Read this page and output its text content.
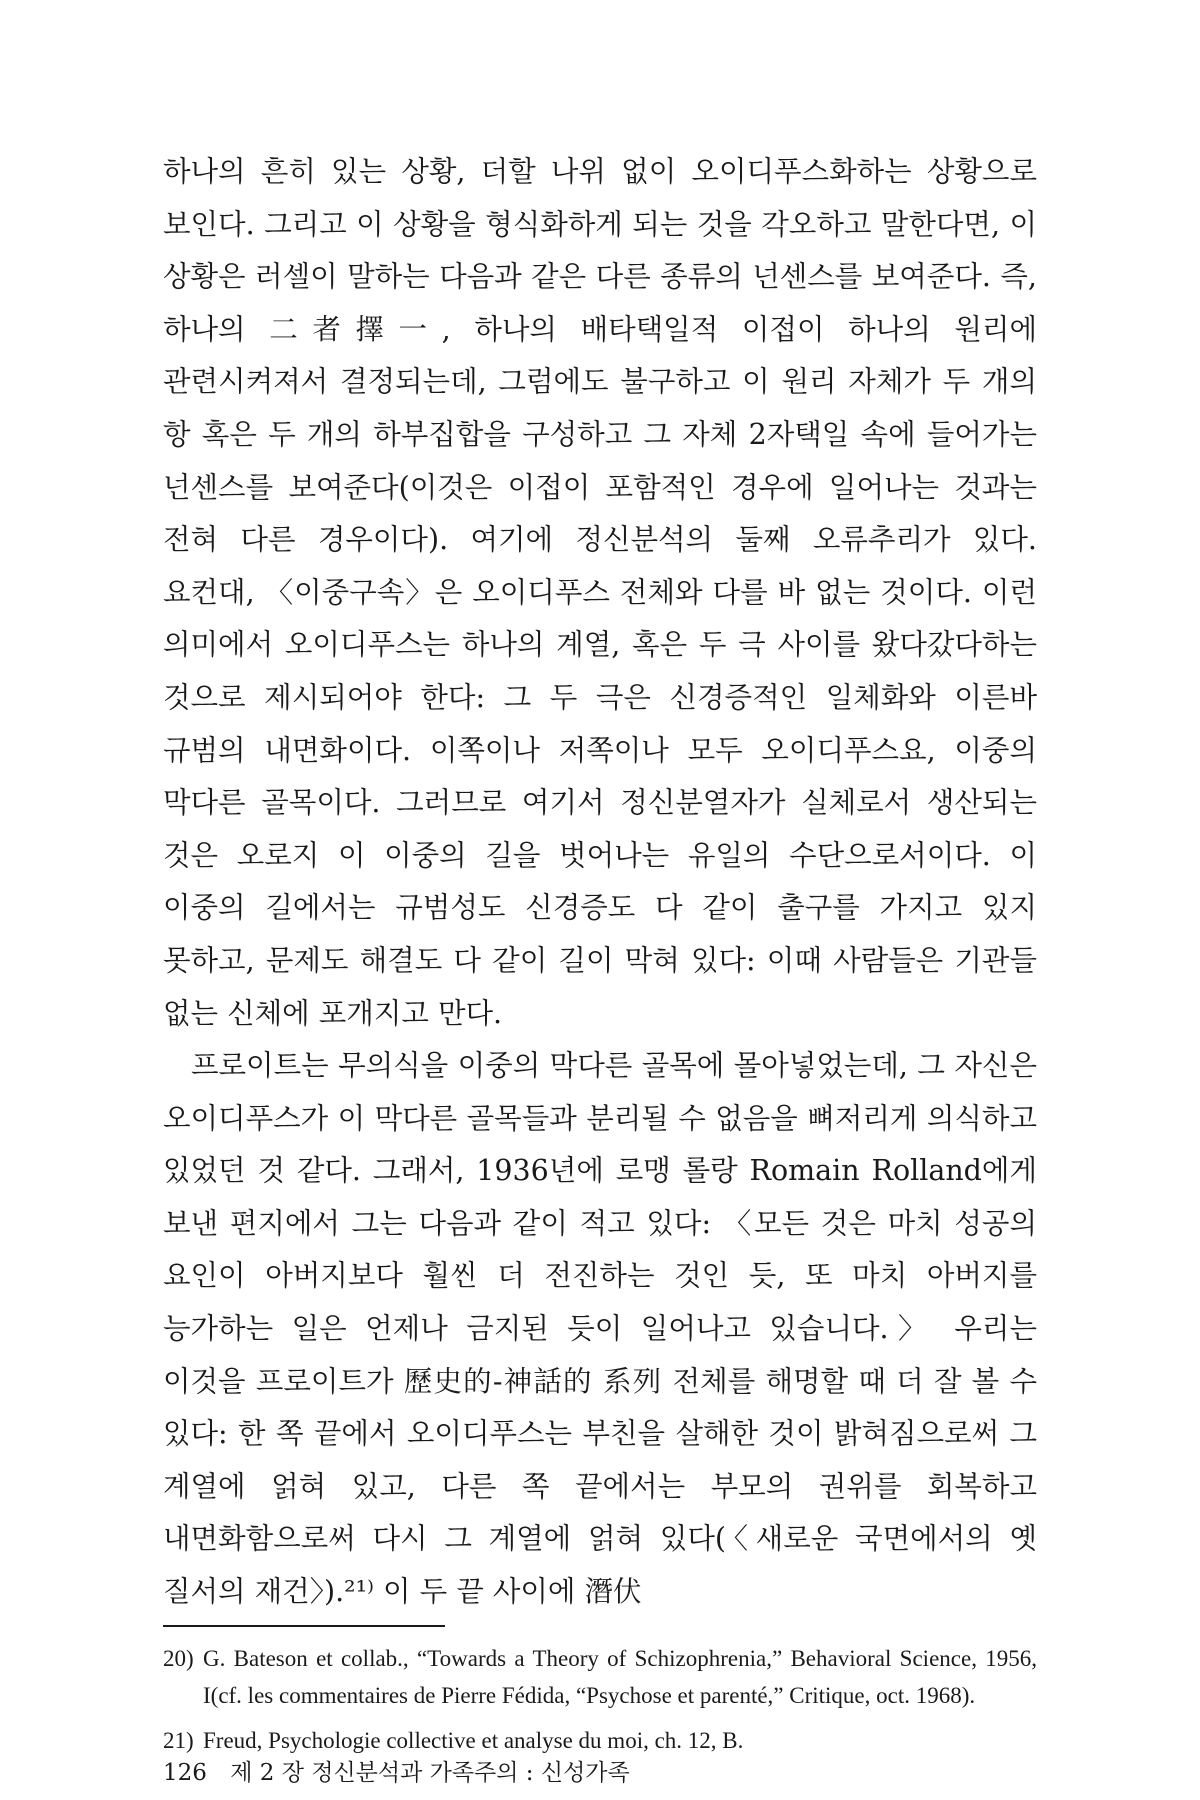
하나의 흔히 있는 상황, 더할 나위 없이 오이디푸스화하는 상황으로 보인다. 그리고 이 상황을 형식화하게 되는 것을 각오하고 말한다면, 이 상황은 러셀이 말하는 다음과 같은 다른 종류의 넌센스를 보여준다. 즉, 하나의 二者擇一, 하나의 배타택일적 이접이 하나의 원리에 관련시켜져서 결정되는데, 그럼에도 불구하고 이 원리 자체가 두 개의 항 혹은 두 개의 하부집합을 구성하고 그 자체 2자택일 속에 들어가는 넌센스를 보여준다(이것은 이접이 포함적인 경우에 일어나는 것과는 전혀 다른 경우이다). 여기에 정신분석의 둘째 오류추리가 있다. 요컨대, 〈이중구속〉은 오이디푸스 전체와 다를 바 없는 것이다. 이런 의미에서 오이디푸스는 하나의 계열, 혹은 두 극 사이를 왔다갔다하는 것으로 제시되어야 한다: 그 두 극은 신경증적인 일체화와 이른바 규범의 내면화이다. 이쪽이나 저쪽이나 모두 오이디푸스요, 이중의 막다른 골목이다. 그러므로 여기서 정신분열자가 실체로서 생산되는 것은 오로지 이 이중의 길을 벗어나는 유일의 수단으로서이다. 이 이중의 길에서는 규범성도 신경증도 다 같이 출구를 가지고 있지 못하고, 문제도 해결도 다 같이 길이 막혀 있다: 이때 사람들은 기관들 없는 신체에 포개지고 만다.

프로이트는 무의식을 이중의 막다른 골목에 몰아넣었는데, 그 자신은 오이디푸스가 이 막다른 골목들과 분리될 수 없음을 뼈저리게 의식하고 있었던 것 같다. 그래서, 1936년에 로맹 롤랑 Romain Rolland에게 보낸 편지에서 그는 다음과 같이 적고 있다: 〈모든 것은 마치 성공의 요인이 아버지보다 훨씬 더 전진하는 것인 듯, 또 마치 아버지를 능가하는 일은 언제나 금지된 듯이 일어나고 있습니다.〉 우리는 이것을 프로이트가 歷史的-神話的 系列 전체를 해명할 때 더 잘 볼 수 있다: 한 쪽 끝에서 오이디푸스는 부친을 살해한 것이 밝혀짐으로써 그 계열에 얽혀 있고, 다른 쪽 끝에서는 부모의 권위를 회복하고 내면화함으로써 다시 그 계열에 얽혀 있다(〈새로운 국면에서의 옛 질서의 재건〉).²¹⁾ 이 두 끝 사이에 潛伏

20) G. Bateson et collab., “Towards a Theory of Schizophrenia,” Behavioral Science, 1956, I(cf. les commentaires de Pierre Fédida, “Psychose et parenté,” Critique, oct. 1968).
21) Freud, Psychologie collective et analyse du moi, ch. 12, B.
126 제 2 장 정신분석과 가족주의 : 신성가족
